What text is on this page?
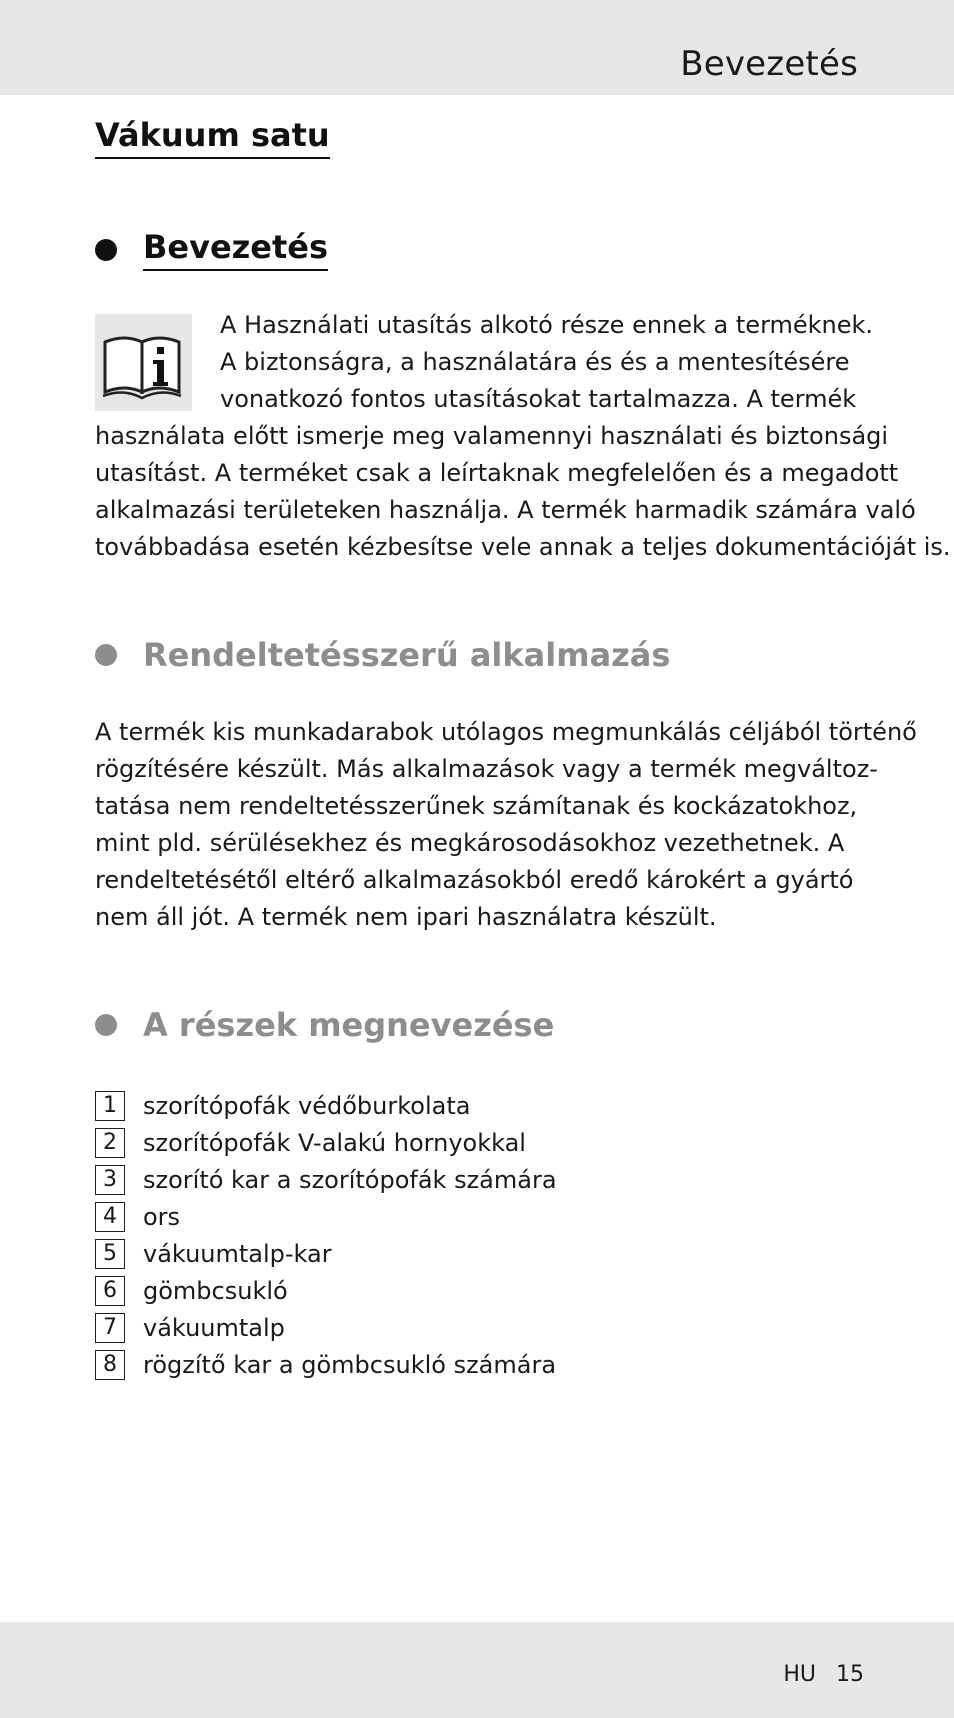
Bevezetés
Vákuum satu
Bevezetés

A Használati utasítás alkotó része ennek a terméknek.
A biztonságra, a használatára és és a mentesítésére
vonatkozó fontos utasításokat tartalmazza. A termék

használata előtt ismerje meg valamennyi használati és biztonsági
utasítást. A terméket csak a leírtaknak megfelelően és a megadott
alkalmazási területeken használja. A termék harmadik számára való
továbbadása esetén kézbesítse vele annak a teljes dokumentációját is.

Rendeltetésszerű alkalmazás

A termék kis munkadarabok utólagos megmunkálás céljából történő
rögzítésére készült. Más alkalmazások vagy a termék megváltoz-
tatása nem rendeltetésszerűnek számítanak és kockázatokhoz,
mint pld. sérülésekhez és megkárosodásokhoz vezethetnek. A
rendeltetésétől eltérő alkalmazásokból eredő károkért a gyártó
nem áll jót. A termék nem ipari használatra készült.

A részek megnevezése
1	szorítópofák védőburkolata
2	szorítópofák V-alakú hornyokkal
3	szorító kar a szorítópofák számára
4	ors
5	vákuumtalp-kar
6	gömbcsukló
7	vákuumtalp
8	rögzítő kar a gömbcsukló számára
HU 15
